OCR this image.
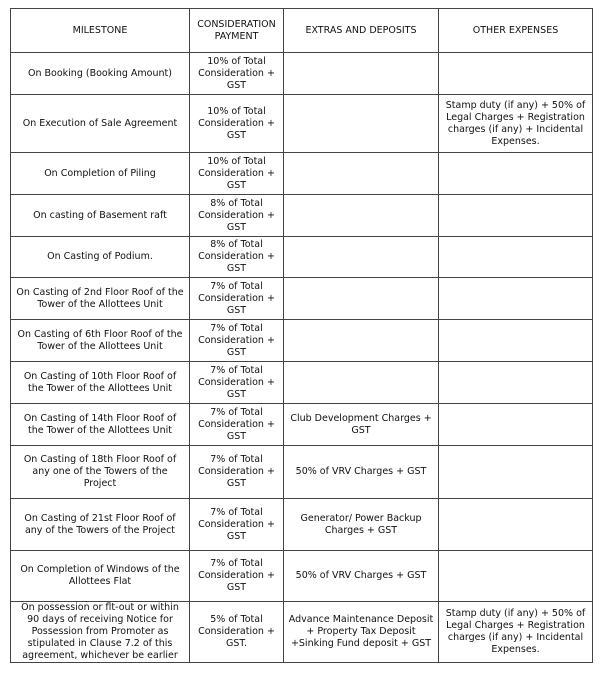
MILESTONE	CONSIDERATION PAYMENT	EXTRAS AND DEPOSITS	OTHER EXPENSES
On Booking (Booking Amount)	10% of Total Consideration + GST		
On Execution of Sale Agreement	10% of Total Consideration + GST		Stamp duty (if any) + 50% of Legal Charges + Registration charges (if any) + Incidental Expenses.
On Completion of Piling	10% of Total Consideration + GST		
On casting of Basement raft	8% of Total Consideration + GST		
On Casting of Podium.	8% of Total Consideration + GST		
On Casting of 2nd Floor Roof of the Tower of the Allottees Unit	7% of Total Consideration + GST		
On Casting of 6th Floor Roof of the Tower of the Allottees Unit	7% of Total Consideration + GST		
On Casting of 10th Floor Roof of the Tower of the Allottees Unit	7% of Total Consideration + GST		
On Casting of 14th Floor Roof of the Tower of the Allottees Unit	7% of Total Consideration + GST	Club Development Charges + GST	
On Casting of 18th Floor Roof of any one of the Towers of the Project	7% of Total Consideration + GST	50% of VRV Charges + GST	
On Casting of 21st Floor Roof of any of the Towers of the Project	7% of Total Consideration + GST	Generator/ Power Backup Charges + GST	
On Completion of Windows of the Allottees Flat	7% of Total Consideration + GST	50% of VRV Charges + GST	
On possession or flt-out or within 90 days of receiving Notice for Possession from Promoter as stipulated in Clause 7.2 of this agreement, whichever be earlier	5% of Total Consideration + GST.	Advance Maintenance Deposit + Property Tax Deposit +Sinking Fund deposit + GST	Stamp duty (if any) + 50% of Legal Charges + Registration charges (if any) + Incidental Expenses.
